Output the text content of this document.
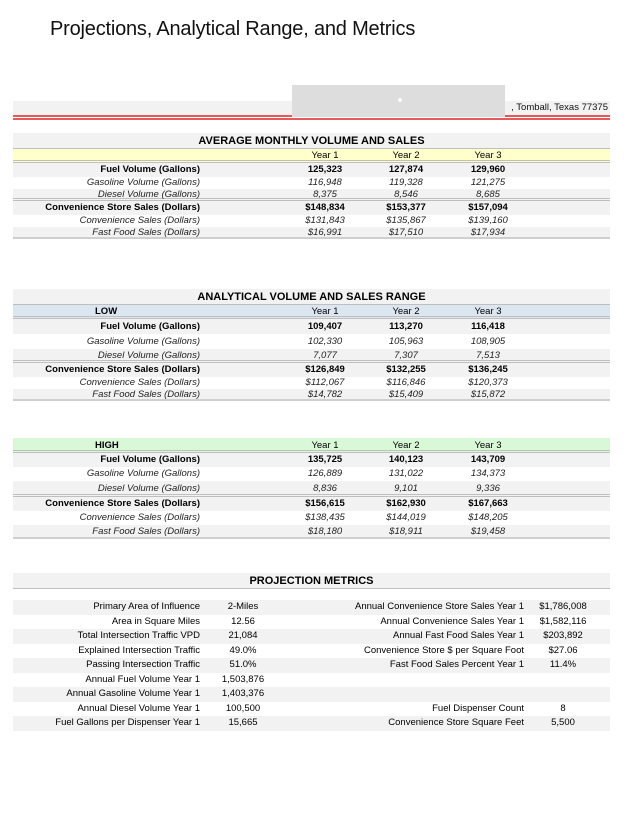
Projections, Analytical Range, and Metrics
, Tomball, Texas 77375
AVERAGE MONTHLY VOLUME AND SALES
Year 1	Year 2	Year 3
Fuel Volume (Gallons)	125,323	127,874	129,960
Gasoline Volume (Gallons)	116,948	119,328	121,275
Diesel Volume (Gallons)	8,375	8,546	8,685
Convenience Store Sales (Dollars)	$148,834	$153,377	$157,094
Convenience Sales (Dollars)	$131,843	$135,867	$139,160
Fast Food Sales (Dollars)	$16,991	$17,510	$17,934
ANALYTICAL VOLUME AND SALES RANGE
LOW	Year 1	Year 2	Year 3
Fuel Volume (Gallons)	109,407	113,270	116,418
Gasoline Volume (Gallons)	102,330	105,963	108,905
Diesel Volume (Gallons)	7,077	7,307	7,513
Convenience Store Sales (Dollars)	$126,849	$132,255	$136,245
Convenience Sales (Dollars)	$112,067	$116,846	$120,373
Fast Food Sales (Dollars)	$14,782	$15,409	$15,872
HIGH	Year 1	Year 2	Year 3
Fuel Volume (Gallons)	135,725	140,123	143,709
Gasoline Volume (Gallons)	126,889	131,022	134,373
Diesel Volume (Gallons)	8,836	9,101	9,336
Convenience Store Sales (Dollars)	$156,615	$162,930	$167,663
Convenience Sales (Dollars)	$138,435	$144,019	$148,205
Fast Food Sales (Dollars)	$18,180	$18,911	$19,458
PROJECTION METRICS
Primary Area of Influence	2-Miles	Annual Convenience Store Sales Year 1	$1,786,008
Area in Square Miles	12.56	Annual Convenience Sales Year 1	$1,582,116
Total Intersection Traffic VPD	21,084	Annual Fast Food Sales Year 1	$203,892
Explained Intersection Traffic	49.0%	Convenience Store $ per Square Foot	$27.06
Passing Intersection Traffic	51.0%	Fast Food Sales Percent Year 1	11.4%
Annual Fuel Volume Year 1	1,503,876
Annual Gasoline Volume Year 1	1,403,376
Annual Diesel Volume Year 1	100,500	Fuel Dispenser Count	8
Fuel Gallons per Dispenser Year 1	15,665	Convenience Store Square Feet	5,500
